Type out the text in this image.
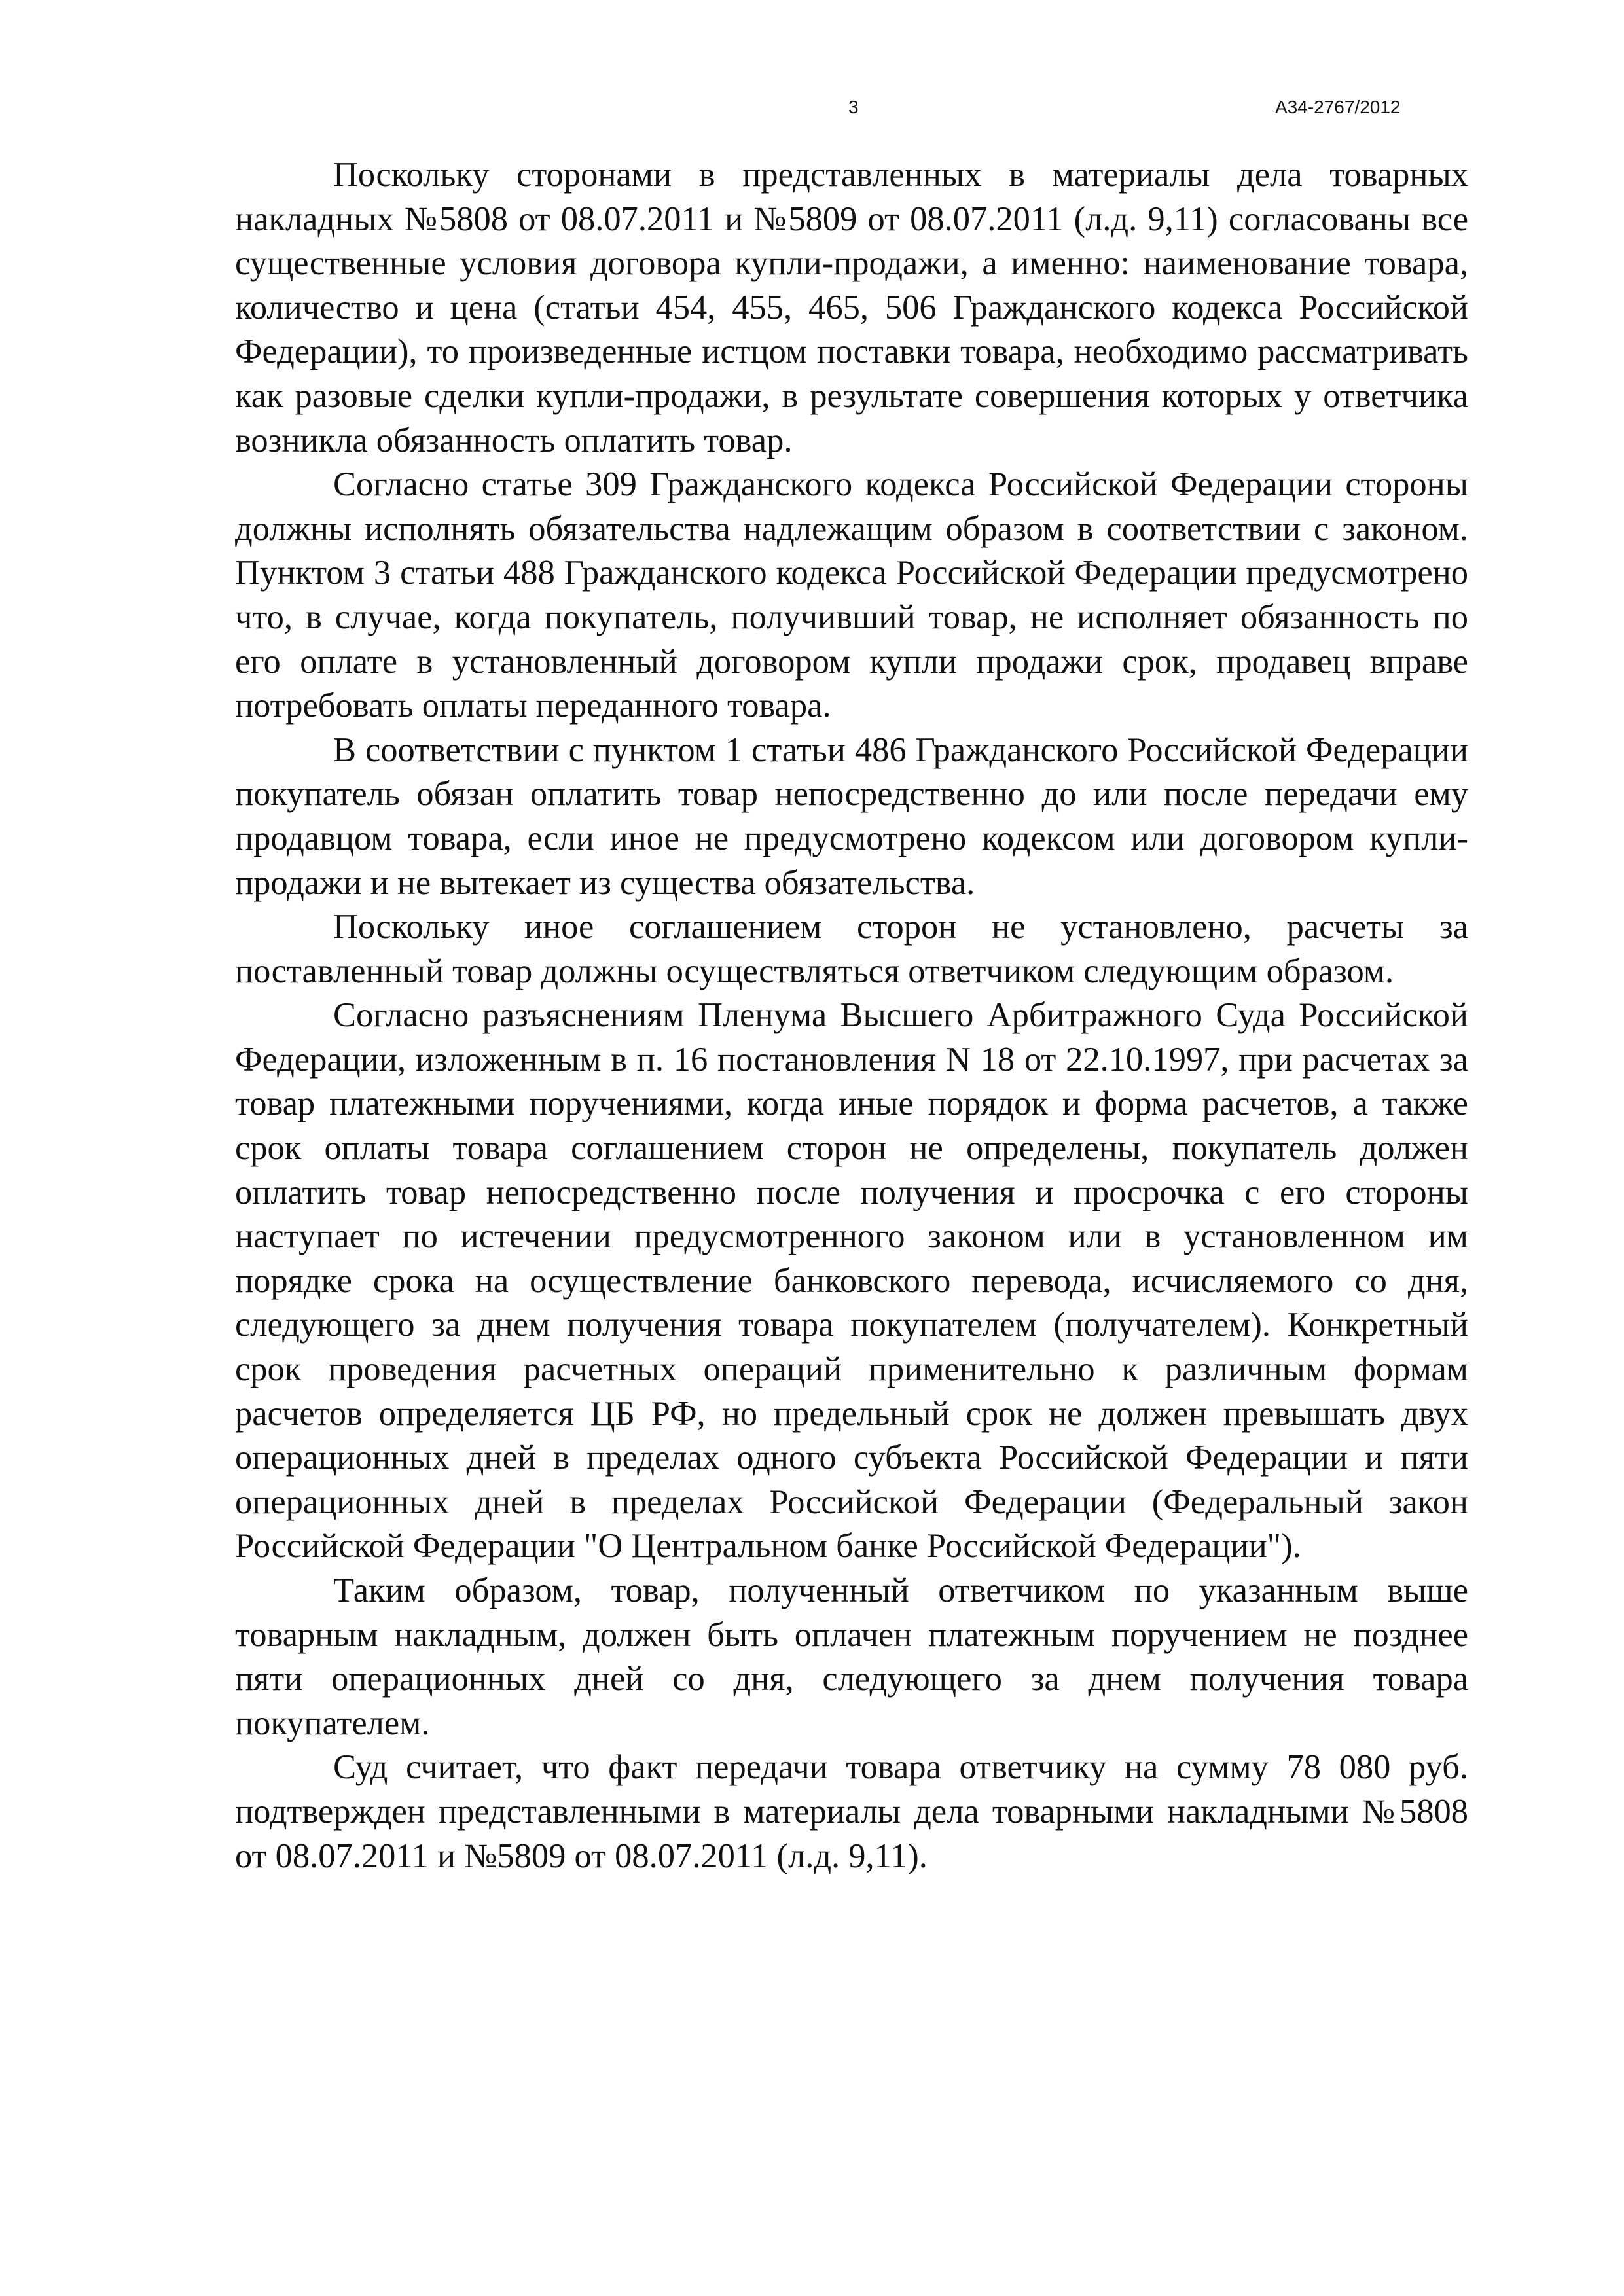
3	А34-2767/2012

Поскольку сторонами в представленных в материалы дела товарных накладных №5808 от 08.07.2011 и №5809 от 08.07.2011 (л.д. 9,11) согласованы все существенные условия договора купли-продажи, а именно: наименование товара, количество и цена (статьи 454, 455, 465, 506 Гражданского кодекса Российской Федерации), то произведенные истцом поставки товара, необходимо рассматривать как разовые сделки купли-продажи, в результате совершения которых у ответчика возникла обязанность оплатить товар.

Согласно статье 309 Гражданского кодекса Российской Федерации стороны должны исполнять обязательства надлежащим образом в соответствии с законом. Пунктом 3 статьи 488 Гражданского кодекса Российской Федерации предусмотрено что, в случае, когда покупатель, получивший товар, не исполняет обязанность по его оплате в установленный договором купли продажи срок, продавец вправе потребовать оплаты переданного товара.

В соответствии с пунктом 1 статьи 486 Гражданского Российской Федерации покупатель обязан оплатить товар непосредственно до или после передачи ему продавцом товара, если иное не предусмотрено кодексом или договором купли-продажи и не вытекает из существа обязательства.

Поскольку иное соглашением сторон не установлено, расчеты за поставленный товар должны осуществляться ответчиком следующим образом.

Согласно разъяснениям Пленума Высшего Арбитражного Суда Российской Федерации, изложенным в п. 16 постановления N 18 от 22.10.1997, при расчетах за товар платежными поручениями, когда иные порядок и форма расчетов, а также срок оплаты товара соглашением сторон не определены, покупатель должен оплатить товар непосредственно после получения и просрочка с его стороны наступает по истечении предусмотренного законом или в установленном им порядке срока на осуществление банковского перевода, исчисляемого со дня, следующего за днем получения товара покупателем (получателем). Конкретный срок проведения расчетных операций применительно к различным формам расчетов определяется ЦБ РФ, но предельный срок не должен превышать двух операционных дней в пределах одного субъекта Российской Федерации и пяти операционных дней в пределах Российской Федерации (Федеральный закон Российской Федерации "О Центральном банке Российской Федерации").

Таким образом, товар, полученный ответчиком по указанным выше товарным накладным, должен быть оплачен платежным поручением не позднее пяти операционных дней со дня, следующего за днем получения товара покупателем.

Суд считает, что факт передачи товара ответчику на сумму 78 080 руб. подтвержден представленными в материалы дела товарными накладными №5808 от 08.07.2011 и №5809 от 08.07.2011 (л.д. 9,11).
